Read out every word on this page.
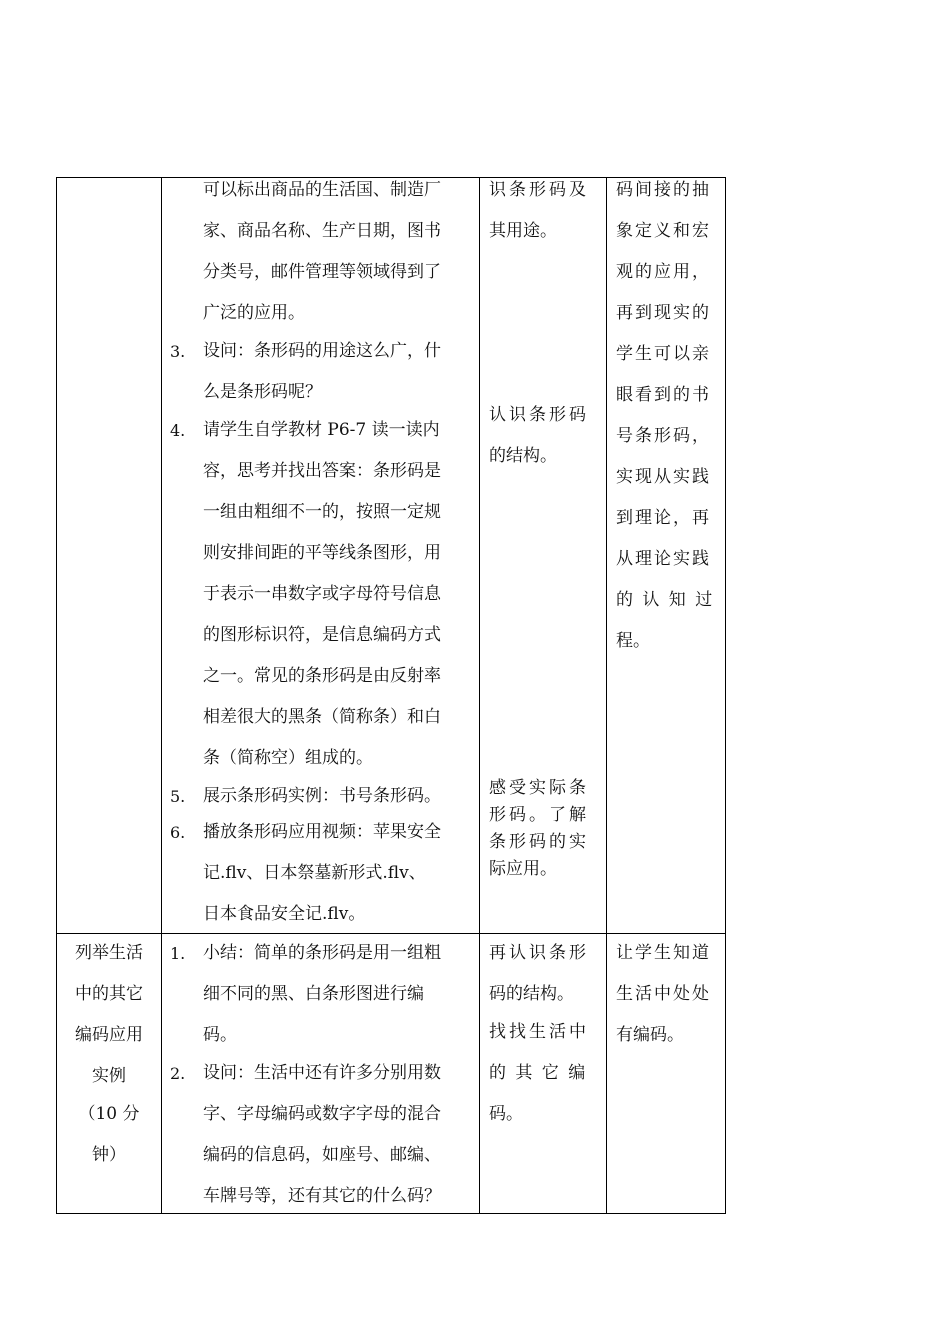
可以标出商品的生活国、制造厂
家、商品名称、生产日期，图书
分类号，邮件管理等领域得到了
广泛的应用。
3. 设问：条形码的用途这么广，什
么是条形码呢？
4. 请学生自学教材 P6-7 读一读内
容，思考并找出答案：条形码是
一组由粗细不一的，按照一定规
则安排间距的平等线条图形，用
于表示一串数字或字母符号信息
的图形标识符，是信息编码方式
之一。常见的条形码是由反射率
相差很大的黑条（简称条）和白
条（简称空）组成的。
5. 展示条形码实例：书号条形码。
6. 播放条形码应用视频：苹果安全
记.flv、日本祭墓新形式.flv、
日本食品安全记.flv。
识条形码及
其用途。
认识条形码
的结构。
感受实际条
形码。了解
条形码的实
际应用。
码间接的抽
象定义和宏
观的应用，
再到现实的
学生可以亲
眼看到的书
号条形码，
实现从实践
到理论，再
从理论实践
的 认 知 过
程。
列举生活
中的其它
编码应用
实例
（10 分
钟）
1. 小结：简单的条形码是用一组粗
细不同的黑、白条形图进行编
码。
2. 设问：生活中还有许多分别用数
字、字母编码或数字字母的混合
编码的信息码，如座号、邮编、
车牌号等，还有其它的什么码？
再认识条形
码的结构。
找找生活中
的 其 它 编
码。
让学生知道
生活中处处
有编码。
